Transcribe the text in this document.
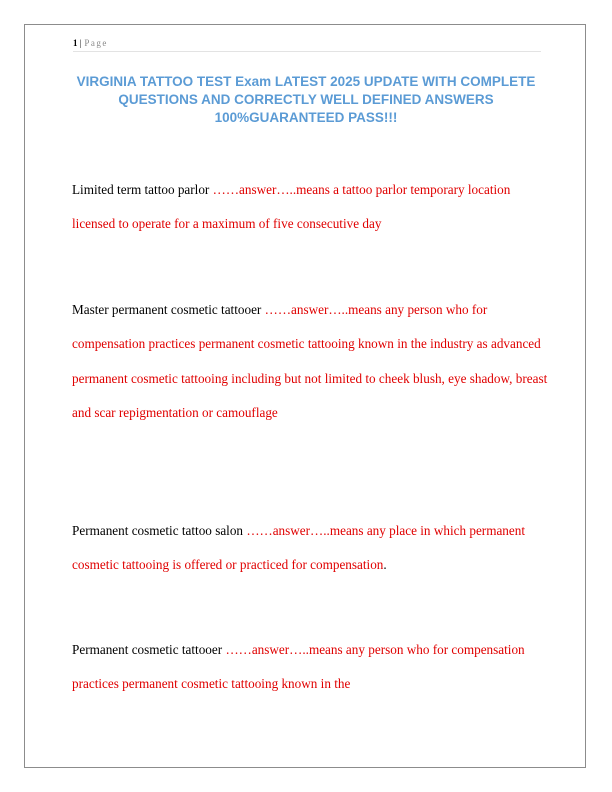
1 | Page
VIRGINIA TATTOO TEST Exam LATEST 2025 UPDATE WITH COMPLETE
QUESTIONS AND CORRECTLY WELL DEFINED ANSWERS
100%GUARANTEED PASS!!!
Limited term tattoo parlor ……answer…..means a tattoo parlor temporary location licensed to operate for a maximum of five consecutive day
Master permanent cosmetic tattooer ……answer…..means any person who for compensation practices permanent cosmetic tattooing known in the industry as advanced permanent cosmetic tattooing including but not limited to cheek blush, eye shadow, breast and scar repigmentation or camouflage
Permanent cosmetic tattoo salon ……answer…..means any place in which permanent cosmetic tattooing is offered or practiced for compensation.
Permanent cosmetic tattooer ……answer…..means any person who for compensation practices permanent cosmetic tattooing known in the
